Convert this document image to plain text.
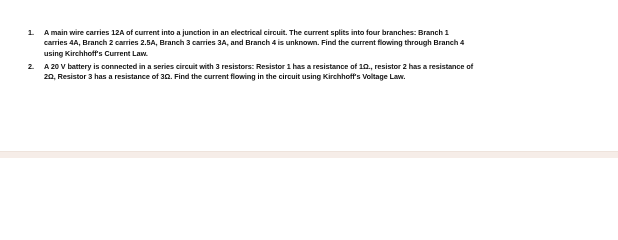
1.	A main wire carries 12A of current into a junction in an electrical circuit. The current splits into four branches: Branch 1
carries 4A, Branch 2 carries 2.5A, Branch 3 carries 3A, and Branch 4 is unknown. Find the current flowing through Branch 4
using Kirchhoff's Current Law.
2.	A 20 V battery is connected in a series circuit with 3 resistors: Resistor 1 has a resistance of 1Ω., resistor 2 has a resistance of
2Ω, Resistor 3 has a resistance of 3Ω. Find the current flowing in the circuit using Kirchhoff's Voltage Law.
